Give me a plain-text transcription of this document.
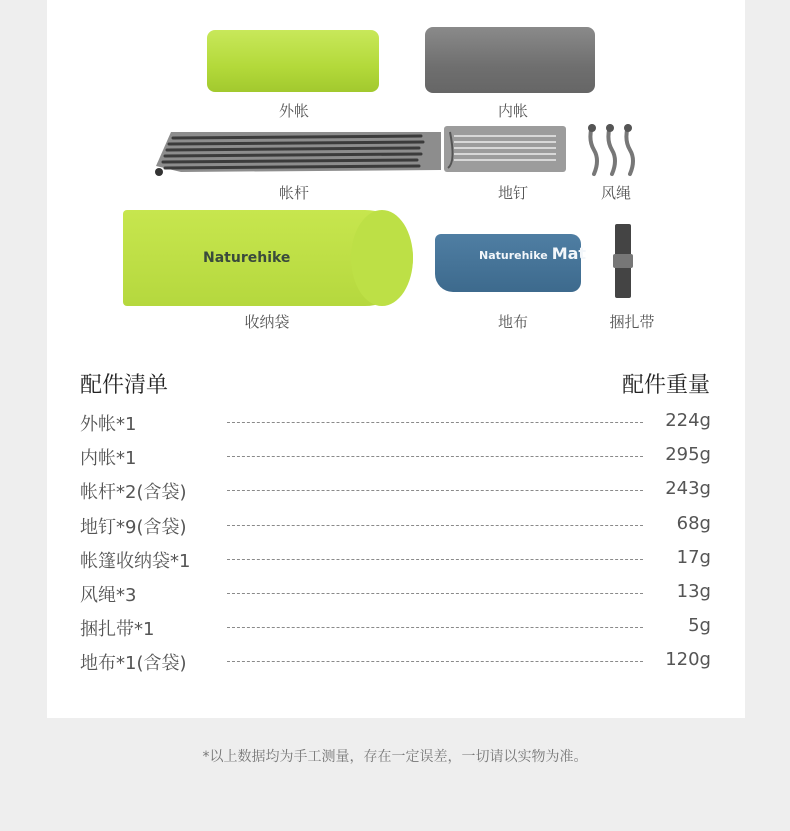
外帐	内帐
帐杆	地钉	风绳
Naturehike
收纳袋
Naturehike Mat
地布	捆扎带
配件清单	配件重量
外帐*1	224g
内帐*1	295g
帐杆*2(含袋)	243g
地钉*9(含袋)	68g
帐篷收纳袋*1	17g
风绳*3	13g
捆扎带*1	5g
地布*1(含袋)	120g
*以上数据均为手工测量，存在一定误差，一切请以实物为准。
